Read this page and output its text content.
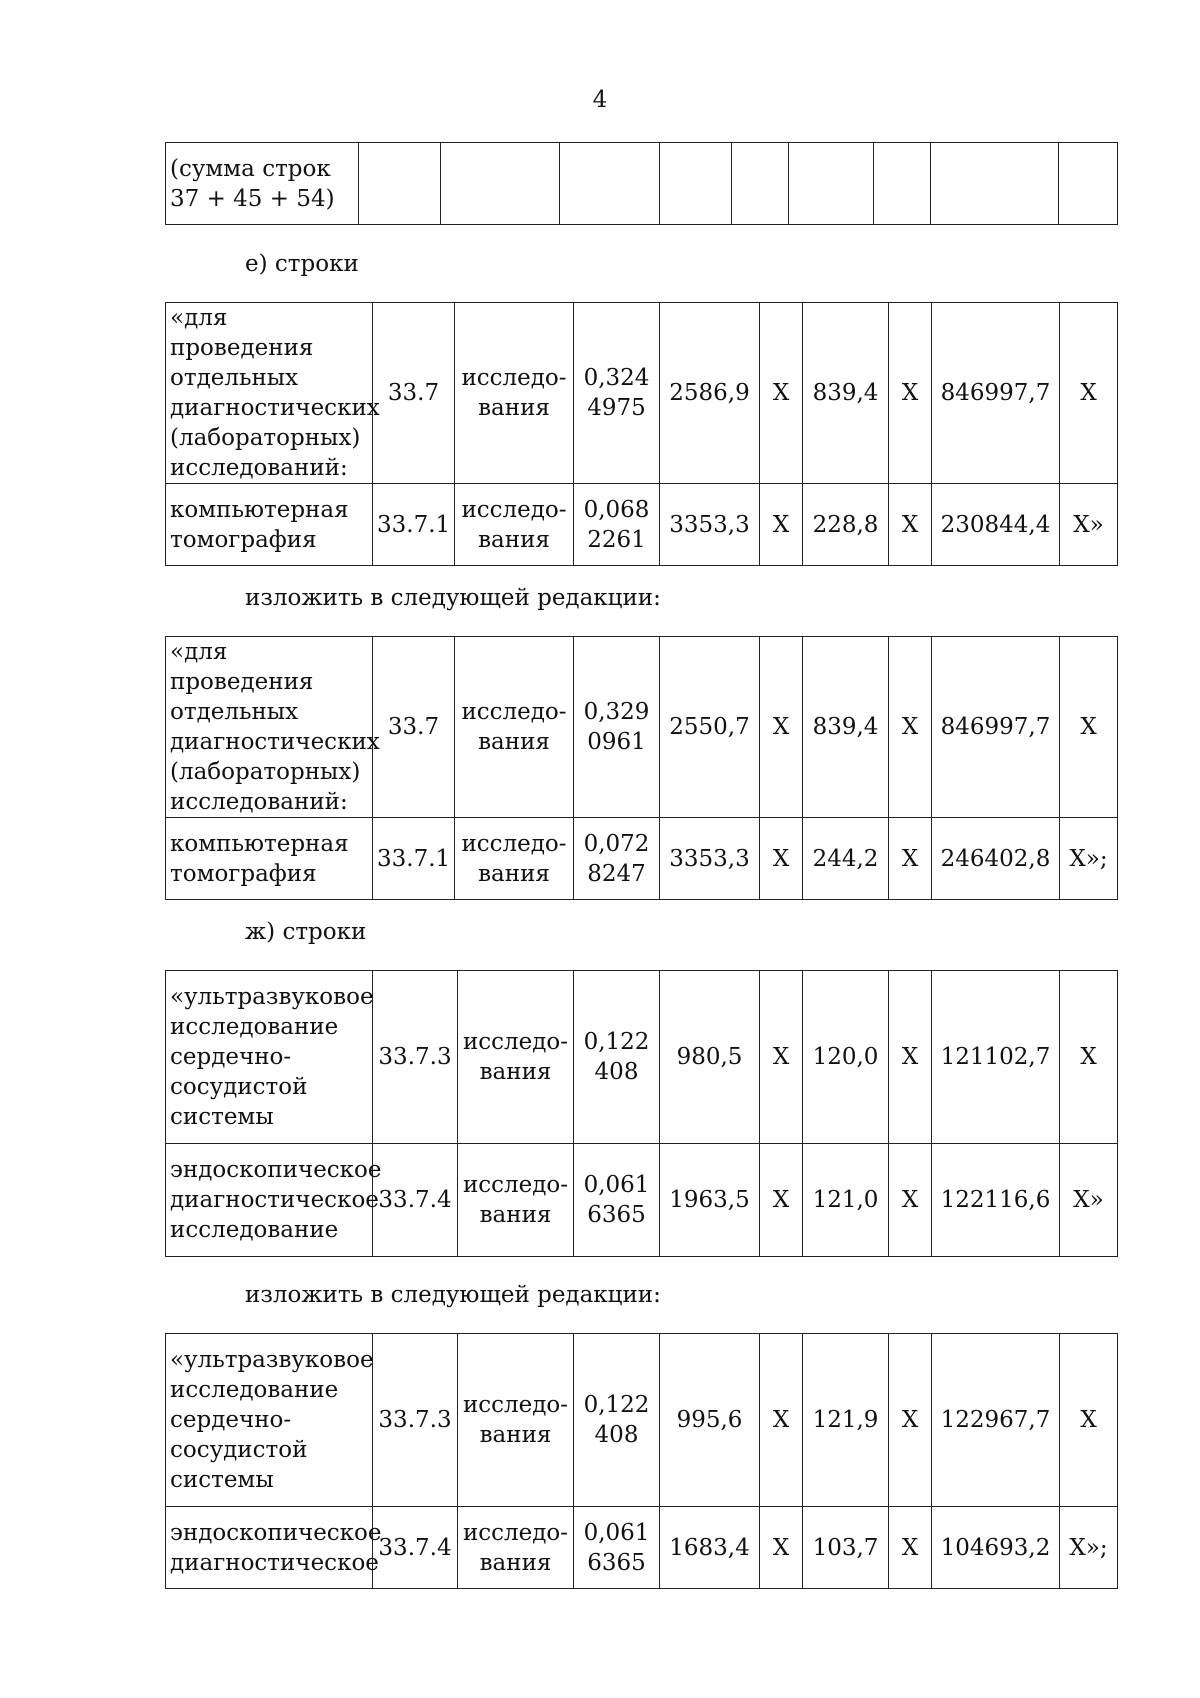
4
(сумма строк 37 + 45 + 54)									
е) строки
«для проведения отдельных диагностических (лабораторных) исследований:	33.7	исследо-вания	0,324 4975	2586,9	Х	839,4	Х	846997,7	Х
компьютерная томография	33.7.1	исследо-вания	0,068 2261	3353,3	Х	228,8	Х	230844,4	Х»
изложить в следующей редакции:
«для проведения отдельных диагностических (лабораторных) исследований:	33.7	исследо-вания	0,329 0961	2550,7	Х	839,4	Х	846997,7	Х
компьютерная томография	33.7.1	исследо-вания	0,072 8247	3353,3	Х	244,2	Х	246402,8	Х»;
ж) строки
«ультразвуковое исследование сердечно-сосудистой системы	33.7.3	исследо-вания	0,122 408	980,5	Х	120,0	Х	121102,7	Х
эндоскопическое диагностическое исследование	33.7.4	исследо-вания	0,061 6365	1963,5	Х	121,0	Х	122116,6	Х»
изложить в следующей редакции:
«ультразвуковое исследование сердечно-сосудистой системы	33.7.3	исследо-вания	0,122 408	995,6	Х	121,9	Х	122967,7	Х
эндоскопическое диагностическое	33.7.4	исследо-вания	0,061 6365	1683,4	Х	103,7	Х	104693,2	Х»;
